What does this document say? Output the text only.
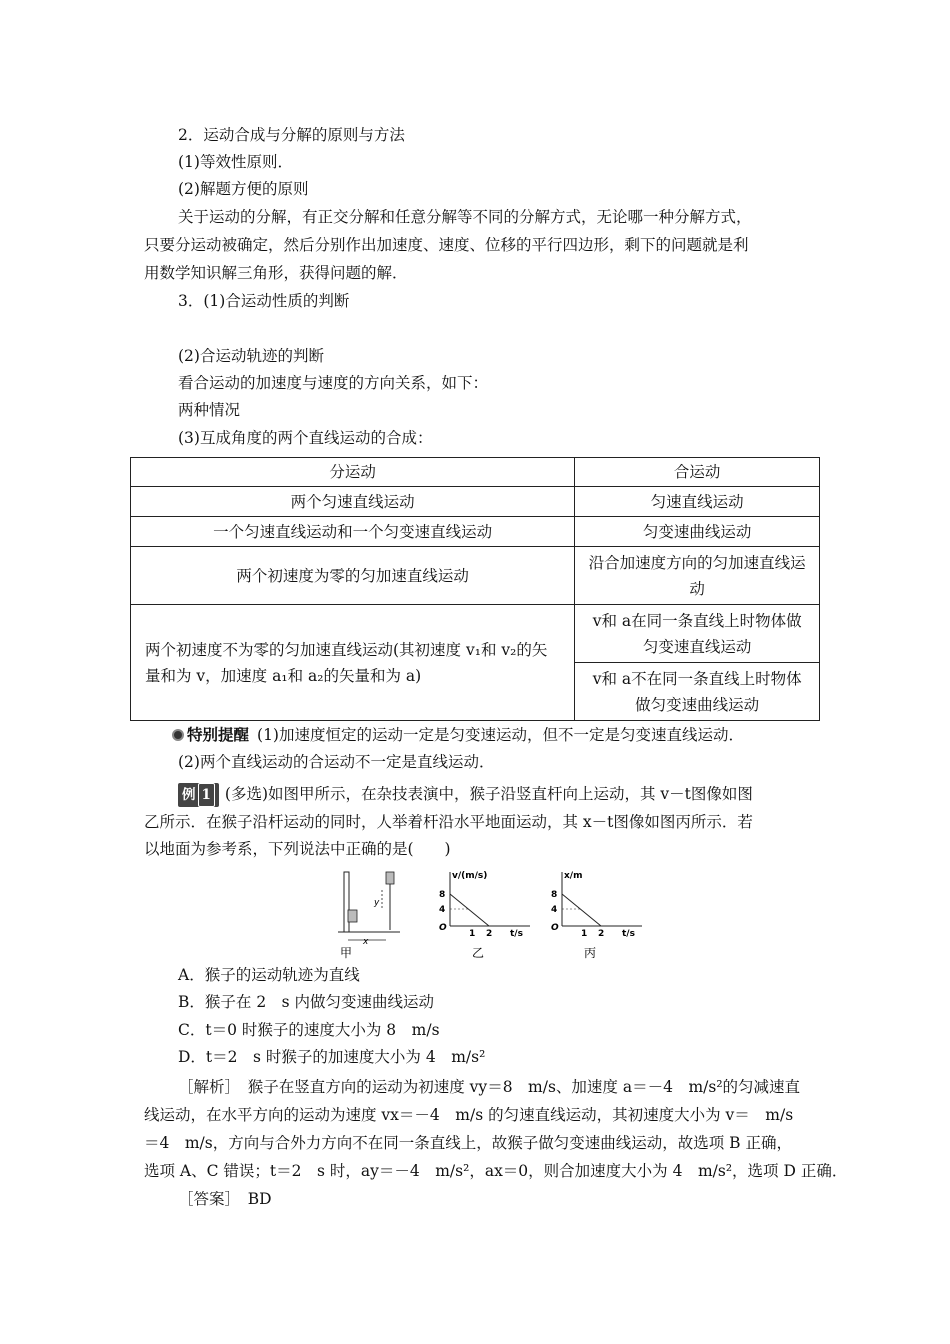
2．运动合成与分解的原则与方法
(1)等效性原则．
(2)解题方便的原则
关于运动的分解，有正交分解和任意分解等不同的分解方式，无论哪一种分解方式，
只要分运动被确定，然后分别作出加速度、速度、位移的平行四边形，剩下的问题就是利
用数学知识解三角形，获得问题的解．
3．(1)合运动性质的判断
(2)合运动轨迹的判断
看合运动的加速度与速度的方向关系，如下：
两种情况
(3)互成角度的两个直线运动的合成：
分运动	合运动
两个匀速直线运动	匀速直线运动
一个匀速直线运动和一个匀变速直线运动	匀变速曲线运动
两个初速度为零的匀加速直线运动	沿合加速度方向的匀加速直线运动
两个初速度不为零的匀加速直线运动(其初速度 v₁和 v₂的矢量和为 v，加速度 a₁和 a₂的矢量和为 a)	v和 a在同一条直线上时物体做匀变速直线运动
	v和 a不在同一条直线上时物体做匀变速曲线运动
特别提醒 (1)加速度恒定的运动一定是匀变速运动，但不一定是匀变速直线运动．
(2)两个直线运动的合运动不一定是直线运动．
例 1 (多选)如图甲所示，在杂技表演中，猴子沿竖直杆向上运动，其 v－t图像如图
乙所示．在猴子沿杆运动的同时，人举着杆沿水平地面运动，其 x－t图像如图丙所示．若
以地面为参考系，下列说法中正确的是(　　)
y
x
甲
v/(m/s)
t/s
8
4
O
1 2
乙
x/m
t/s
8
4
O
1 2
丙
A．猴子的运动轨迹为直线
B．猴子在 2　s 内做匀变速曲线运动
C．t＝0 时猴子的速度大小为 8　m/s
D．t＝2　s 时猴子的加速度大小为 4　m/s²
［解析］　猴子在竖直方向的运动为初速度 vy＝8　m/s、加速度 a＝－4　m/s²的匀减速直
线运动，在水平方向的运动为速度 vx＝－4　m/s 的匀速直线运动，其初速度大小为 v＝　m/s
＝4　m/s，方向与合外力方向不在同一条直线上，故猴子做匀变速曲线运动，故选项 B 正确，
选项 A、C 错误；t＝2　s 时，ay＝－4　m/s²，ax＝0，则合加速度大小为 4　m/s²，选项 D 正确．
［答案］　BD
